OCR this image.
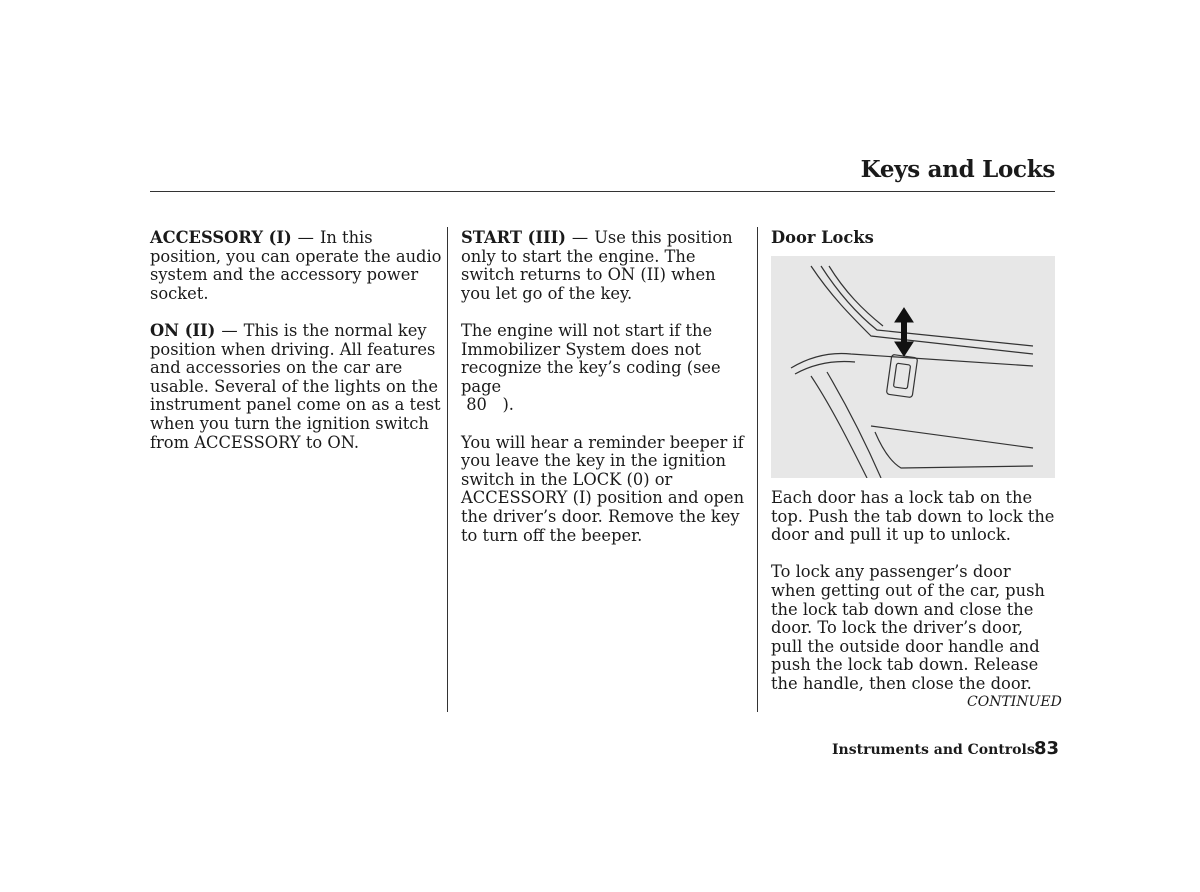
Keys and Locks

ACCESSORY (I) — In this position, you can operate the audio system and the accessory power socket.

ON (II) — This is the normal key position when driving. All features and accessories on the car are usable. Several of the lights on the instrument panel come on as a test when you turn the ignition switch from ACCESSORY to ON.

START (III) — Use this position only to start the engine. The switch returns to ON (II) when you let go of the key.

The engine will not start if the Immobilizer System does not recognize the key’s coding (see page
80 ).

You will hear a reminder beeper if you leave the key in the ignition switch in the LOCK (0) or ACCESSORY (I) position and open the driver’s door. Remove the key to turn off the beeper.

Door Locks

Each door has a lock tab on the top. Push the tab down to lock the door and pull it up to unlock.

To lock any passenger’s door when getting out of the car, push the lock tab down and close the door. To lock the driver’s door, pull the outside door handle and push the lock tab down. Release the handle, then close the door.

CONTINUED
Instruments and Controls 83
